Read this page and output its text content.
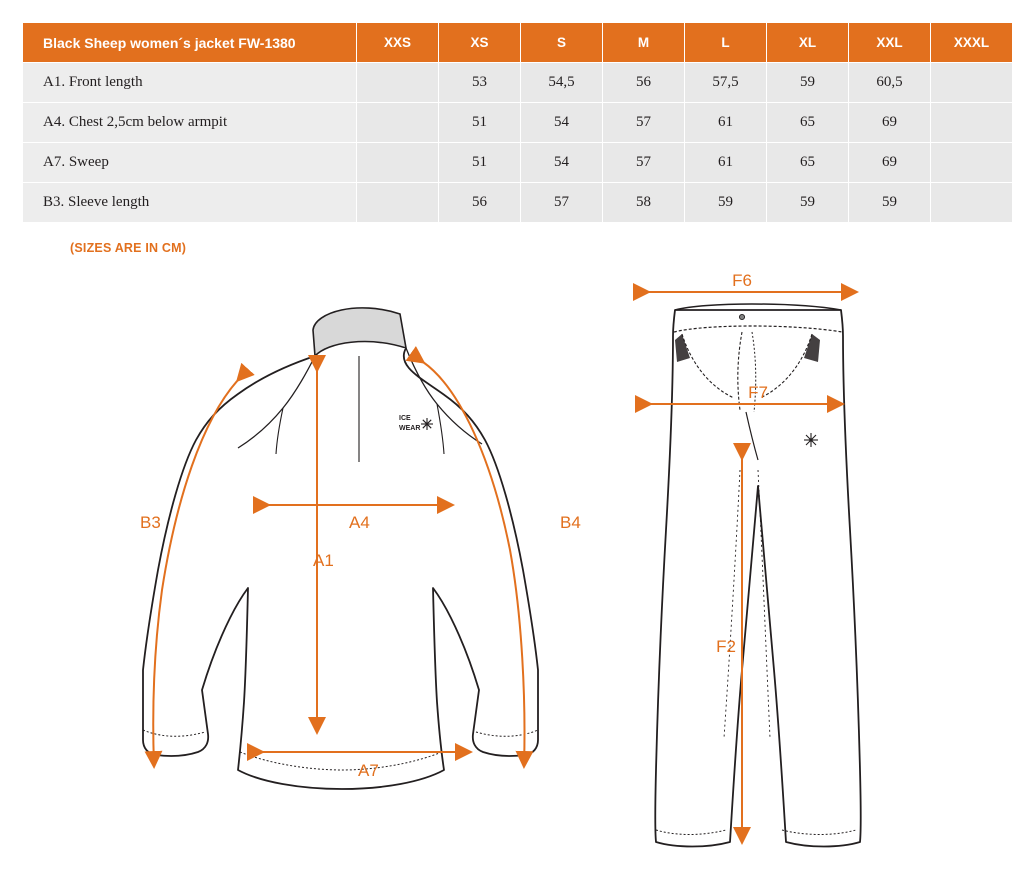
Black Sheep women´s jacket FW-1380	XXS	XS	S	M	L	XL	XXL	XXXL
A1. Front length		53	54,5	56	57,5	59	60,5	
A4. Chest 2,5cm below armpit		51	54	57	61	65	69	
A7. Sweep		51	54	57	61	65	69	
B3. Sleeve length		56	57	58	59	59	59	
(SIZES ARE IN CM)
ICE
WEAR
B3	B4
A4
A1
A7
F6
F7
F2
